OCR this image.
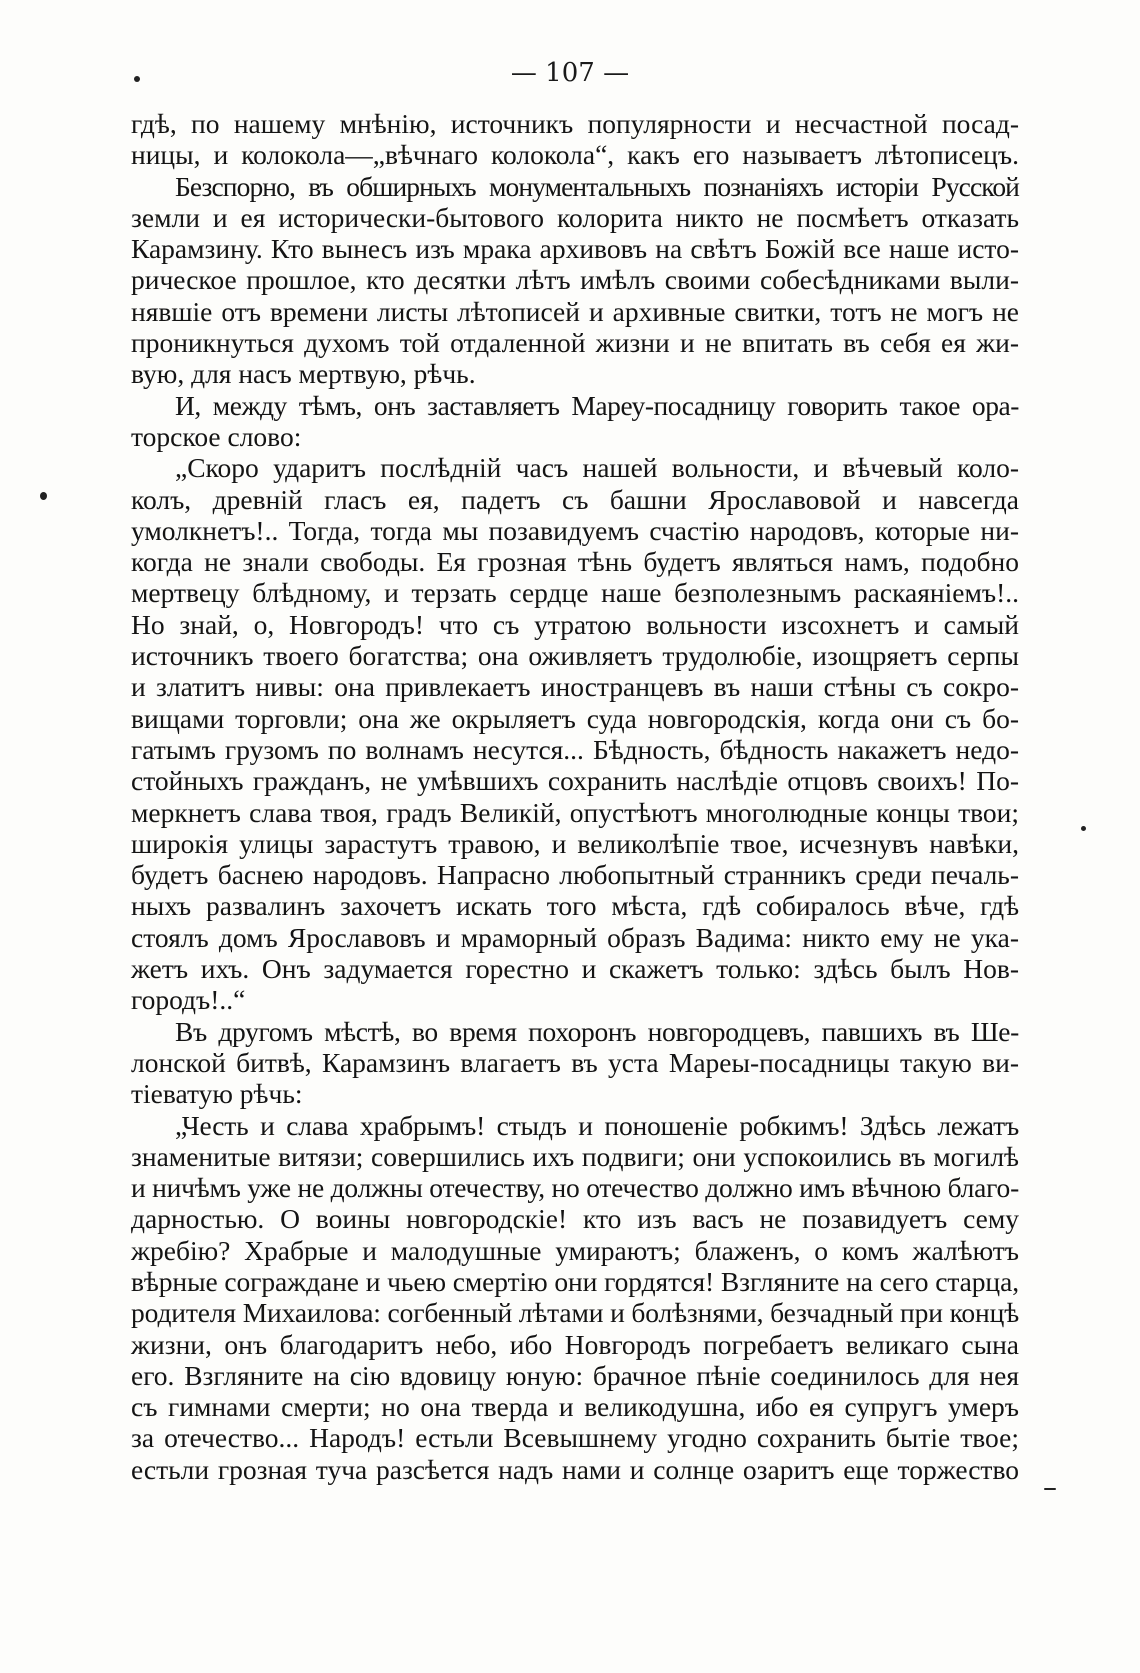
— 107 —
гдѣ, по нашему мнѣнію, источникъ популярности и несчастной посад-
ницы, и колокола—„вѣчнаго колокола“, какъ его называетъ лѣтописецъ.
Безспорно, въ обширныхъ монументальныхъ познаніяхъ исторіи Русской
земли и ея исторически-бытового колорита никто не посмѣетъ отказать
Карамзину. Кто вынесъ изъ мрака архивовъ на свѣтъ Божій все наше исто-
рическое прошлое, кто десятки лѣтъ имѣлъ своими собесѣдниками выли-
нявшіе отъ времени листы лѣтописей и архивные свитки, тотъ не могъ не
проникнуться духомъ той отдаленной жизни и не впитать въ себя ея жи-
вую, для насъ мертвую, рѣчь.
И, между тѣмъ, онъ заставляетъ Мареу-посадницу говорить такое ора-
торское слово:
„Скоро ударитъ послѣдній часъ нашей вольности, и вѣчевый коло-
колъ, древній гласъ ея, падетъ съ башни Ярославовой и навсегда
умолкнетъ!.. Тогда, тогда мы позавидуемъ счастію народовъ, которые ни-
когда не знали свободы. Ея грозная тѣнь будетъ являться намъ, подобно
мертвецу блѣдному, и терзать сердце наше безполезнымъ раскаяніемъ!..
Но знай, о, Новгородъ! что съ утратою вольности изсохнетъ и самый
источникъ твоего богатства; она оживляетъ трудолюбіе, изощряетъ серпы
и златитъ нивы: она привлекаетъ иностранцевъ въ наши стѣны съ сокро-
вищами торговли; она же окрыляетъ суда новгородскія, когда они съ бо-
гатымъ грузомъ по волнамъ несутся... Бѣдность, бѣдность накажетъ недо-
стойныхъ гражданъ, не умѣвшихъ сохранить наслѣдіе отцовъ своихъ! По-
меркнетъ слава твоя, градъ Великій, опустѣютъ многолюдные концы твои;
широкія улицы зарастутъ травою, и великолѣпіе твое, исчезнувъ навѣки,
будетъ баснею народовъ. Напрасно любопытный странникъ среди печаль-
ныхъ развалинъ захочетъ искать того мѣста, гдѣ собиралось вѣче, гдѣ
стоялъ домъ Ярославовъ и мраморный образъ Вадима: никто ему не ука-
жетъ ихъ. Онъ задумается горестно и скажетъ только: здѣсь былъ Нов-
городъ!..“
Въ другомъ мѣстѣ, во время похоронъ новгородцевъ, павшихъ въ Ше-
лонской битвѣ, Карамзинъ влагаетъ въ уста Мареы-посадницы такую ви-
тіеватую рѣчь:
„Честь и слава храбрымъ! стыдъ и поношеніе робкимъ! Здѣсь лежатъ
знаменитые витязи; совершились ихъ подвиги; они успокоились въ могилѣ
и ничѣмъ уже не должны отечеству, но отечество должно имъ вѣчною благо-
дарностью. О воины новгородскіе! кто изъ васъ не позавидуетъ сему
жребію? Храбрые и малодушные умираютъ; блаженъ, о комъ жалѣютъ
вѣрные сограждане и чьею смертію они гордятся! Взгляните на сего старца,
родителя Михаилова: согбенный лѣтами и болѣзнями, безчадный при концѣ
жизни, онъ благодаритъ небо, ибо Новгородъ погребаетъ великаго сына
его. Взгляните на сію вдовицу юную: брачное пѣніе соединилось для нея
съ гимнами смерти; но она тверда и великодушна, ибо ея супругъ умеръ
за отечество... Народъ! естьли Всевышнему угодно сохранить бытіе твое;
естьли грозная туча разсѣется надъ нами и солнце озаритъ еще торжество
